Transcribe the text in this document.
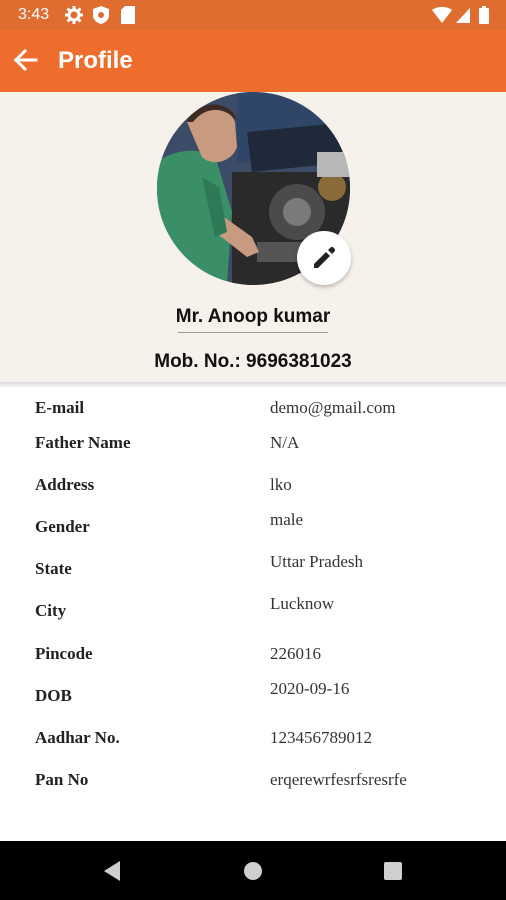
3:43
Profile
Mr. Anoop kumar
Mob. No.: 9696381023
E-mail	demo@gmail.com
Father Name	N/A
Address	lko
Gender	male
State	Uttar Pradesh
City	Lucknow
Pincode	226016
DOB	2020-09-16
Aadhar No.	123456789012
Pan No	erqerewrfesrfsresrfe
